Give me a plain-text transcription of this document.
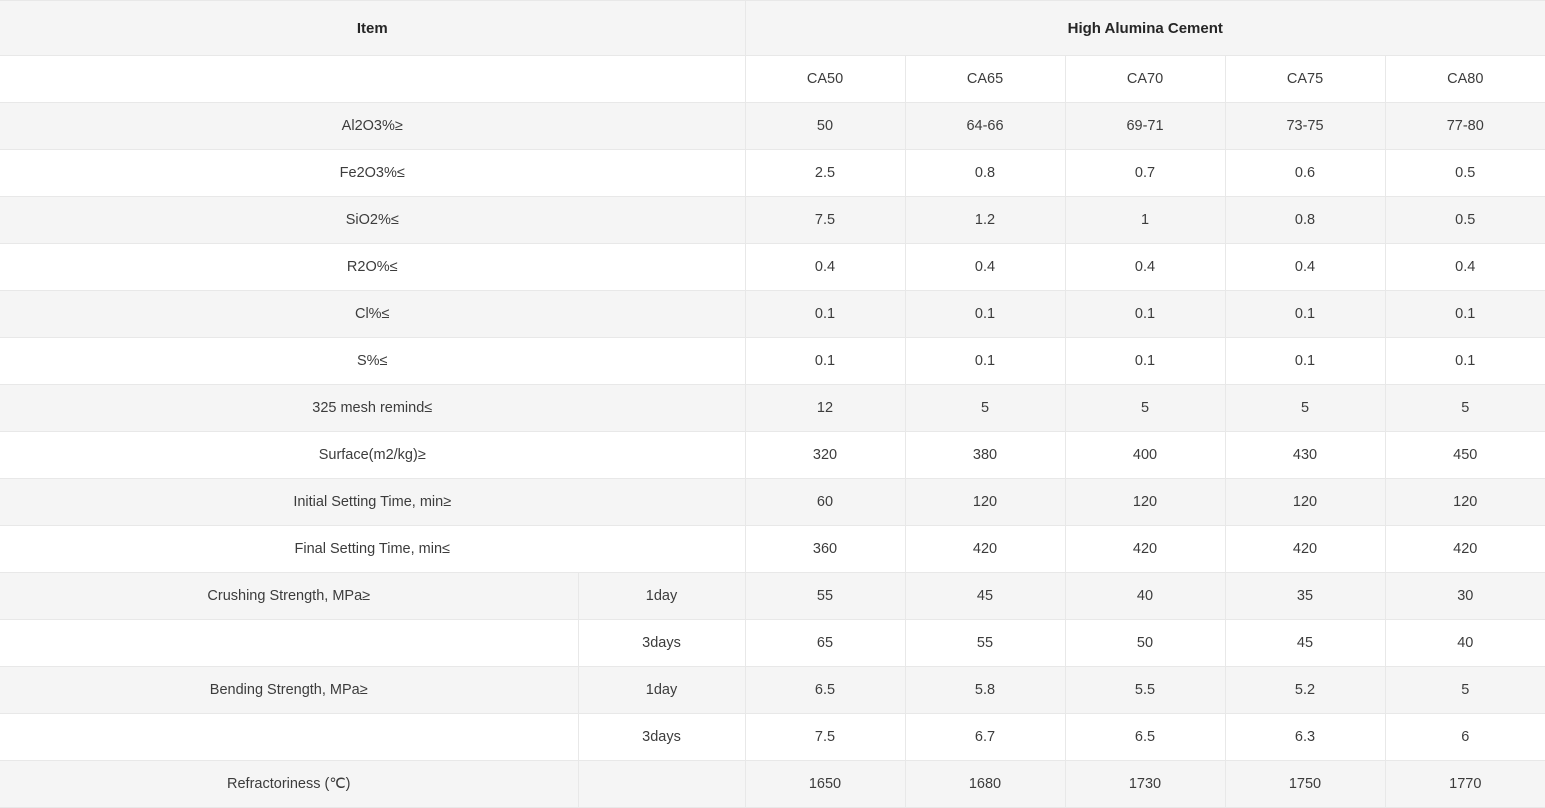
Item		High Alumina Cement				
		CA50	CA65	CA70	CA75	CA80
Al2O3%≥		50	64-66	69-71	73-75	77-80
Fe2O3%≤		2.5	0.8	0.7	0.6	0.5
SiO2%≤		7.5	1.2	1	0.8	0.5
R2O%≤		0.4	0.4	0.4	0.4	0.4
Cl%≤		0.1	0.1	0.1	0.1	0.1
S%≤		0.1	0.1	0.1	0.1	0.1
325 mesh remind≤		12	5	5	5	5
Surface(m2/kg)≥		320	380	400	430	450
Initial Setting Time, min≥		60	120	120	120	120
Final Setting Time, min≤		360	420	420	420	420
Crushing Strength, MPa≥	1day	55	45	40	35	30
	3days	65	55	50	45	40
Bending Strength, MPa≥	1day	6.5	5.8	5.5	5.2	5
	3days	7.5	6.7	6.5	6.3	6
Refractoriness (℃)		1650	1680	1730	1750	1770
